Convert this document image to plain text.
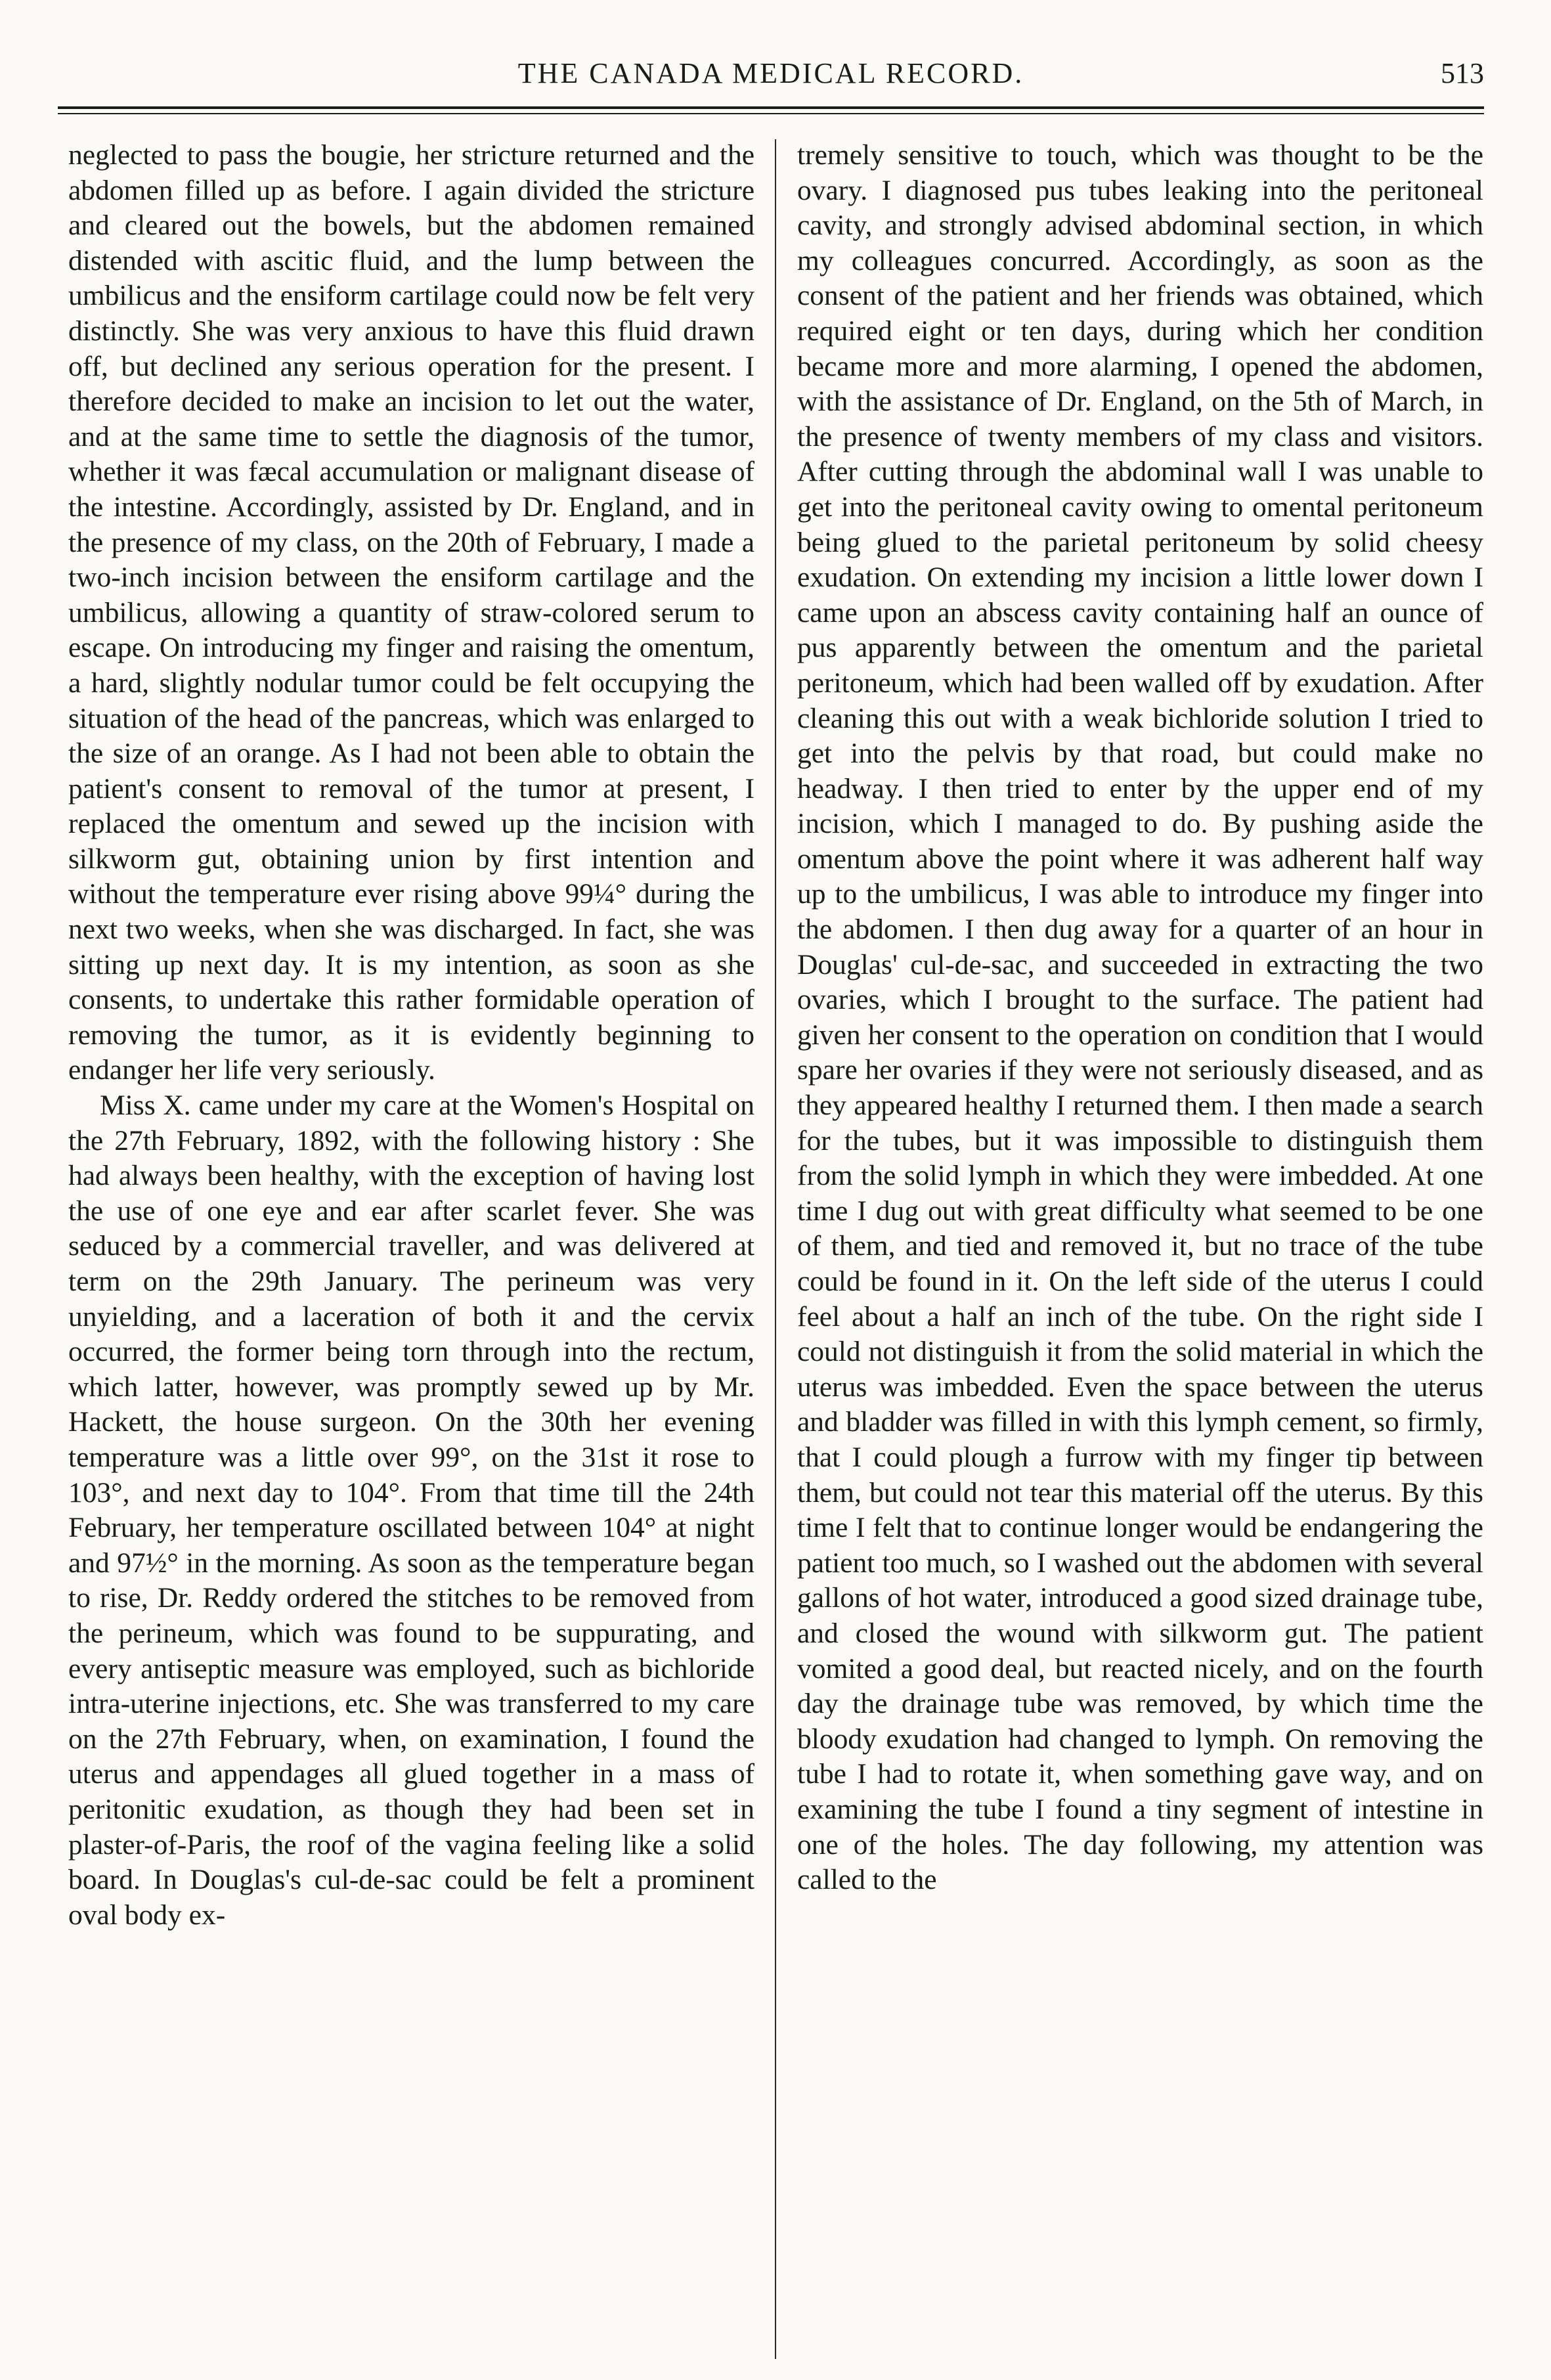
THE CANADA MEDICAL RECORD.	513

neglected to pass the bougie, her stricture returned and the abdomen filled up as before. I again divided the stricture and cleared out the bowels, but the abdomen remained distended with ascitic fluid, and the lump between the umbilicus and the ensiform cartilage could now be felt very distinctly. She was very anxious to have this fluid drawn off, but declined any serious operation for the present. I therefore decided to make an incision to let out the water, and at the same time to settle the diagnosis of the tumor, whether it was fæcal accumulation or malignant disease of the intestine. Accordingly, assisted by Dr. England, and in the presence of my class, on the 20th of February, I made a two-inch incision between the ensiform cartilage and the umbilicus, allowing a quantity of straw-colored serum to escape. On introducing my finger and raising the omentum, a hard, slightly nodular tumor could be felt occupying the situation of the head of the pancreas, which was enlarged to the size of an orange. As I had not been able to obtain the patient's consent to removal of the tumor at present, I replaced the omentum and sewed up the incision with silkworm gut, obtaining union by first intention and without the temperature ever rising above 99¼° during the next two weeks, when she was discharged. In fact, she was sitting up next day. It is my intention, as soon as she consents, to undertake this rather formidable operation of removing the tumor, as it is evidently beginning to endanger her life very seriously.

Miss X. came under my care at the Women's Hospital on the 27th February, 1892, with the following history : She had always been healthy, with the exception of having lost the use of one eye and ear after scarlet fever. She was seduced by a commercial traveller, and was delivered at term on the 29th January. The perineum was very unyielding, and a laceration of both it and the cervix occurred, the former being torn through into the rectum, which latter, however, was promptly sewed up by Mr. Hackett, the house surgeon. On the 30th her evening temperature was a little over 99°, on the 31st it rose to 103°, and next day to 104°. From that time till the 24th February, her temperature oscillated between 104° at night and 97½° in the morning. As soon as the temperature began to rise, Dr. Reddy ordered the stitches to be removed from the perineum, which was found to be suppurating, and every antiseptic measure was employed, such as bichloride intra-uterine injections, etc. She was transferred to my care on the 27th February, when, on examination, I found the uterus and appendages all glued together in a mass of peritonitic exudation, as though they had been set in plaster-of-Paris, the roof of the vagina feeling like a solid board. In Douglas's cul-de-sac could be felt a prominent oval body ex-

tremely sensitive to touch, which was thought to be the ovary. I diagnosed pus tubes leaking into the peritoneal cavity, and strongly advised abdominal section, in which my colleagues concurred. Accordingly, as soon as the consent of the patient and her friends was obtained, which required eight or ten days, during which her condition became more and more alarming, I opened the abdomen, with the assistance of Dr. England, on the 5th of March, in the presence of twenty members of my class and visitors. After cutting through the abdominal wall I was unable to get into the peritoneal cavity owing to omental peritoneum being glued to the parietal peritoneum by solid cheesy exudation. On extending my incision a little lower down I came upon an abscess cavity containing half an ounce of pus apparently between the omentum and the parietal peritoneum, which had been walled off by exudation. After cleaning this out with a weak bichloride solution I tried to get into the pelvis by that road, but could make no headway. I then tried to enter by the upper end of my incision, which I managed to do. By pushing aside the omentum above the point where it was adherent half way up to the umbilicus, I was able to introduce my finger into the abdomen. I then dug away for a quarter of an hour in Douglas' cul-de-sac, and succeeded in extracting the two ovaries, which I brought to the surface. The patient had given her consent to the operation on condition that I would spare her ovaries if they were not seriously diseased, and as they appeared healthy I returned them. I then made a search for the tubes, but it was impossible to distinguish them from the solid lymph in which they were imbedded. At one time I dug out with great difficulty what seemed to be one of them, and tied and removed it, but no trace of the tube could be found in it. On the left side of the uterus I could feel about a half an inch of the tube. On the right side I could not distinguish it from the solid material in which the uterus was imbedded. Even the space between the uterus and bladder was filled in with this lymph cement, so firmly, that I could plough a furrow with my finger tip between them, but could not tear this material off the uterus. By this time I felt that to continue longer would be endangering the patient too much, so I washed out the abdomen with several gallons of hot water, introduced a good sized drainage tube, and closed the wound with silkworm gut. The patient vomited a good deal, but reacted nicely, and on the fourth day the drainage tube was removed, by which time the bloody exudation had changed to lymph. On removing the tube I had to rotate it, when something gave way, and on examining the tube I found a tiny segment of intestine in one of the holes. The day following, my attention was called to the
